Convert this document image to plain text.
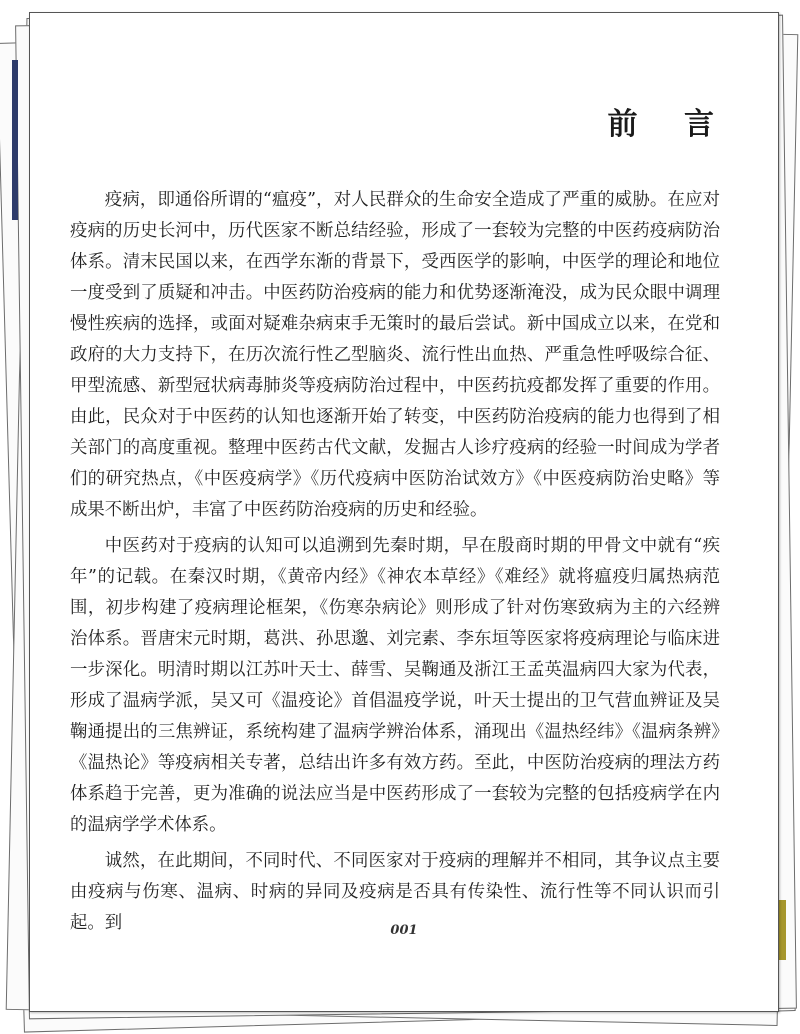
前 言

疫病，即通俗所谓的“瘟疫”，对人民群众的生命安全造成了严重的威胁。在应对疫病的历史长河中，历代医家不断总结经验，形成了一套较为完整的中医药疫病防治体系。清末民国以来，在西学东渐的背景下，受西医学的影响，中医学的理论和地位一度受到了质疑和冲击。中医药防治疫病的能力和优势逐渐淹没，成为民众眼中调理慢性疾病的选择，或面对疑难杂病束手无策时的最后尝试。新中国成立以来，在党和政府的大力支持下，在历次流行性乙型脑炎、流行性出血热、严重急性呼吸综合征、甲型流感、新型冠状病毒肺炎等疫病防治过程中，中医药抗疫都发挥了重要的作用。由此，民众对于中医药的认知也逐渐开始了转变，中医药防治疫病的能力也得到了相关部门的高度重视。整理中医药古代文献，发掘古人诊疗疫病的经验一时间成为学者们的研究热点，《中医疫病学》《历代疫病中医防治试效方》《中医疫病防治史略》等成果不断出炉，丰富了中医药防治疫病的历史和经验。

中医药对于疫病的认知可以追溯到先秦时期，早在殷商时期的甲骨文中就有“疾年”的记载。在秦汉时期，《黄帝内经》《神农本草经》《难经》就将瘟疫归属热病范围，初步构建了疫病理论框架，《伤寒杂病论》则形成了针对伤寒致病为主的六经辨治体系。晋唐宋元时期，葛洪、孙思邈、刘完素、李东垣等医家将疫病理论与临床进一步深化。明清时期以江苏叶天士、薛雪、吴鞠通及浙江王孟英温病四大家为代表，形成了温病学派，吴又可《温疫论》首倡温疫学说，叶天士提出的卫气营血辨证及吴鞠通提出的三焦辨证，系统构建了温病学辨治体系，涌现出《温热经纬》《温病条辨》《温热论》等疫病相关专著，总结出许多有效方药。至此，中医防治疫病的理法方药体系趋于完善，更为准确的说法应当是中医药形成了一套较为完整的包括疫病学在内的温病学学术体系。

诚然，在此期间，不同时代、不同医家对于疫病的理解并不相同，其争议点主要由疫病与伤寒、温病、时病的异同及疫病是否具有传染性、流行性等不同认识而引起。到	001
